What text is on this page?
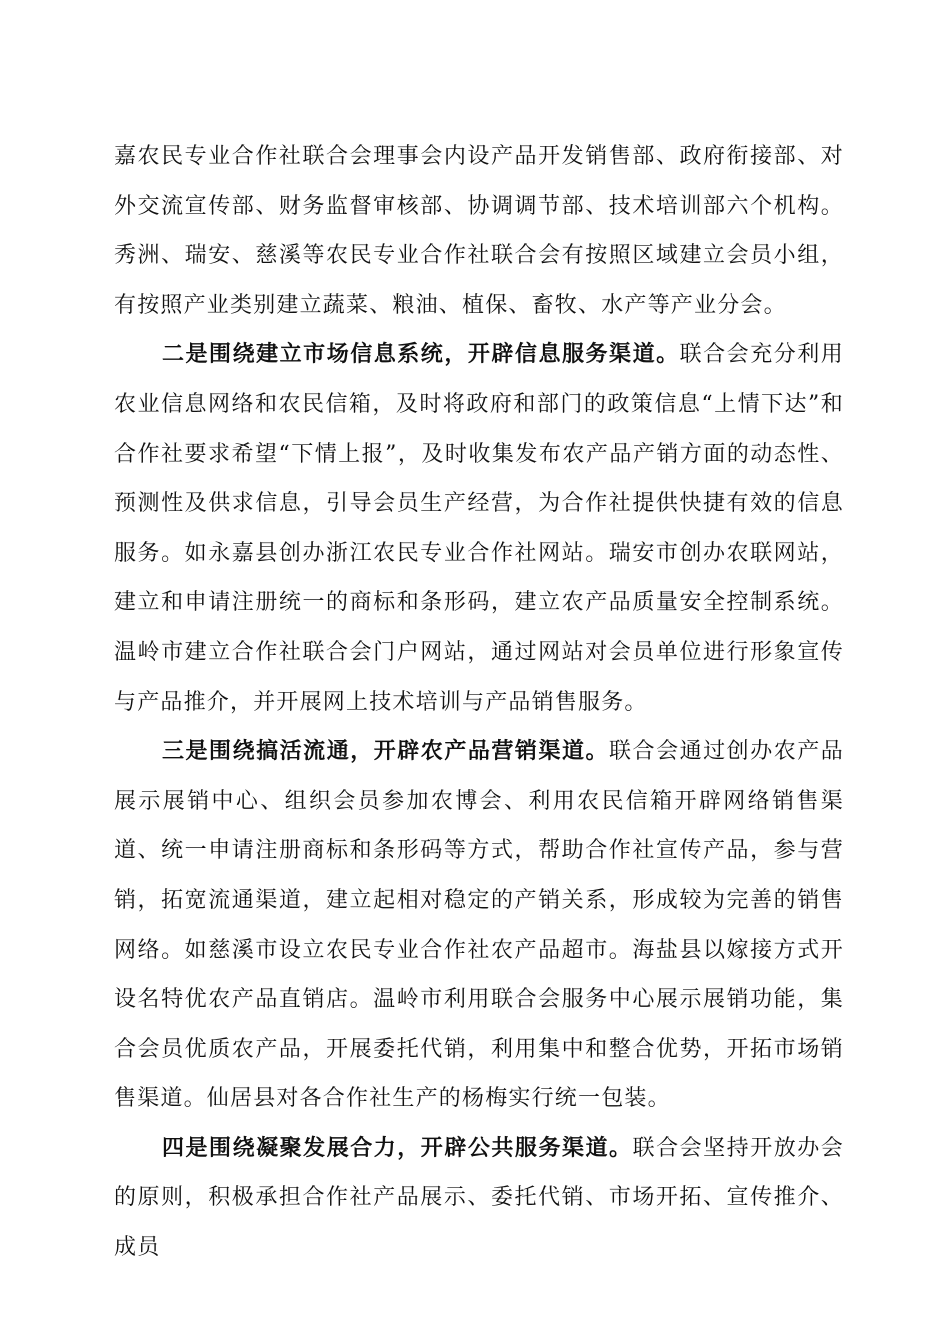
嘉农民专业合作社联合会理事会内设产品开发销售部、政府衔接部、对外交流宣传部、财务监督审核部、协调调节部、技术培训部六个机构。秀洲、瑞安、慈溪等农民专业合作社联合会有按照区域建立会员小组，有按照产业类别建立蔬菜、粮油、植保、畜牧、水产等产业分会。

二是围绕建立市场信息系统，开辟信息服务渠道。联合会充分利用农业信息网络和农民信箱，及时将政府和部门的政策信息“上情下达”和合作社要求希望“下情上报”，及时收集发布农产品产销方面的动态性、预测性及供求信息，引导会员生产经营，为合作社提供快捷有效的信息服务。如永嘉县创办浙江农民专业合作社网站。瑞安市创办农联网站，建立和申请注册统一的商标和条形码，建立农产品质量安全控制系统。温岭市建立合作社联合会门户网站，通过网站对会员单位进行形象宣传与产品推介，并开展网上技术培训与产品销售服务。

三是围绕搞活流通，开辟农产品营销渠道。联合会通过创办农产品展示展销中心、组织会员参加农博会、利用农民信箱开辟网络销售渠道、统一申请注册商标和条形码等方式，帮助合作社宣传产品，参与营销，拓宽流通渠道，建立起相对稳定的产销关系，形成较为完善的销售网络。如慈溪市设立农民专业合作社农产品超市。海盐县以嫁接方式开设名特优农产品直销店。温岭市利用联合会服务中心展示展销功能，集合会员优质农产品，开展委托代销，利用集中和整合优势，开拓市场销售渠道。仙居县对各合作社生产的杨梅实行统一包装。

四是围绕凝聚发展合力，开辟公共服务渠道。联合会坚持开放办会的原则，积极承担合作社产品展示、委托代销、市场开拓、宣传推介、成员
